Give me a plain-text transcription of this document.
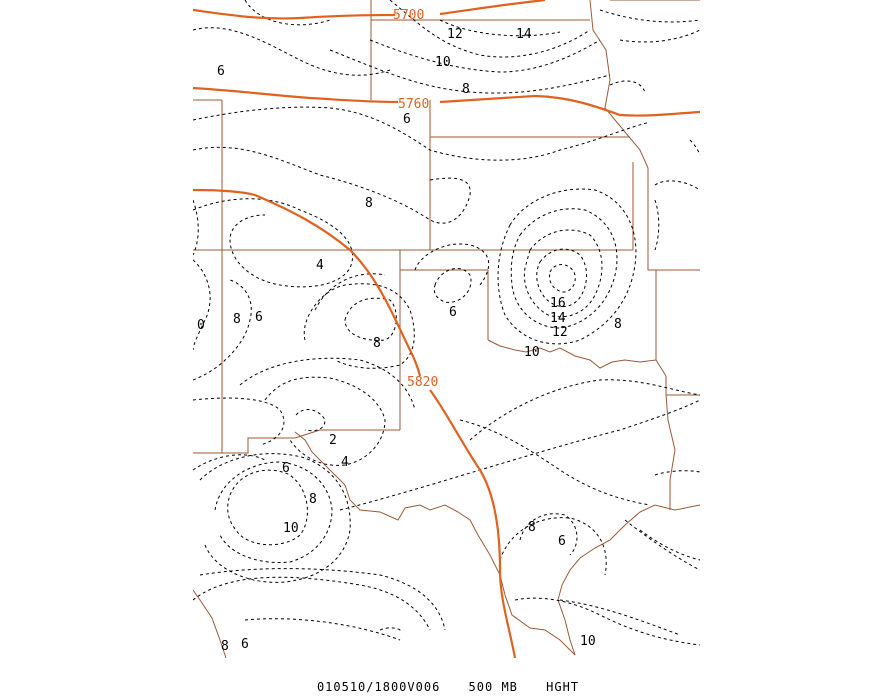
5700
5760
5820
12	14
6
10
8
6
8
4
0 8 6	6
16
14
12
8
8
10
2
4
6
8
10	8
6
8 6	10
010510/1800V006 500 MB HGHT
